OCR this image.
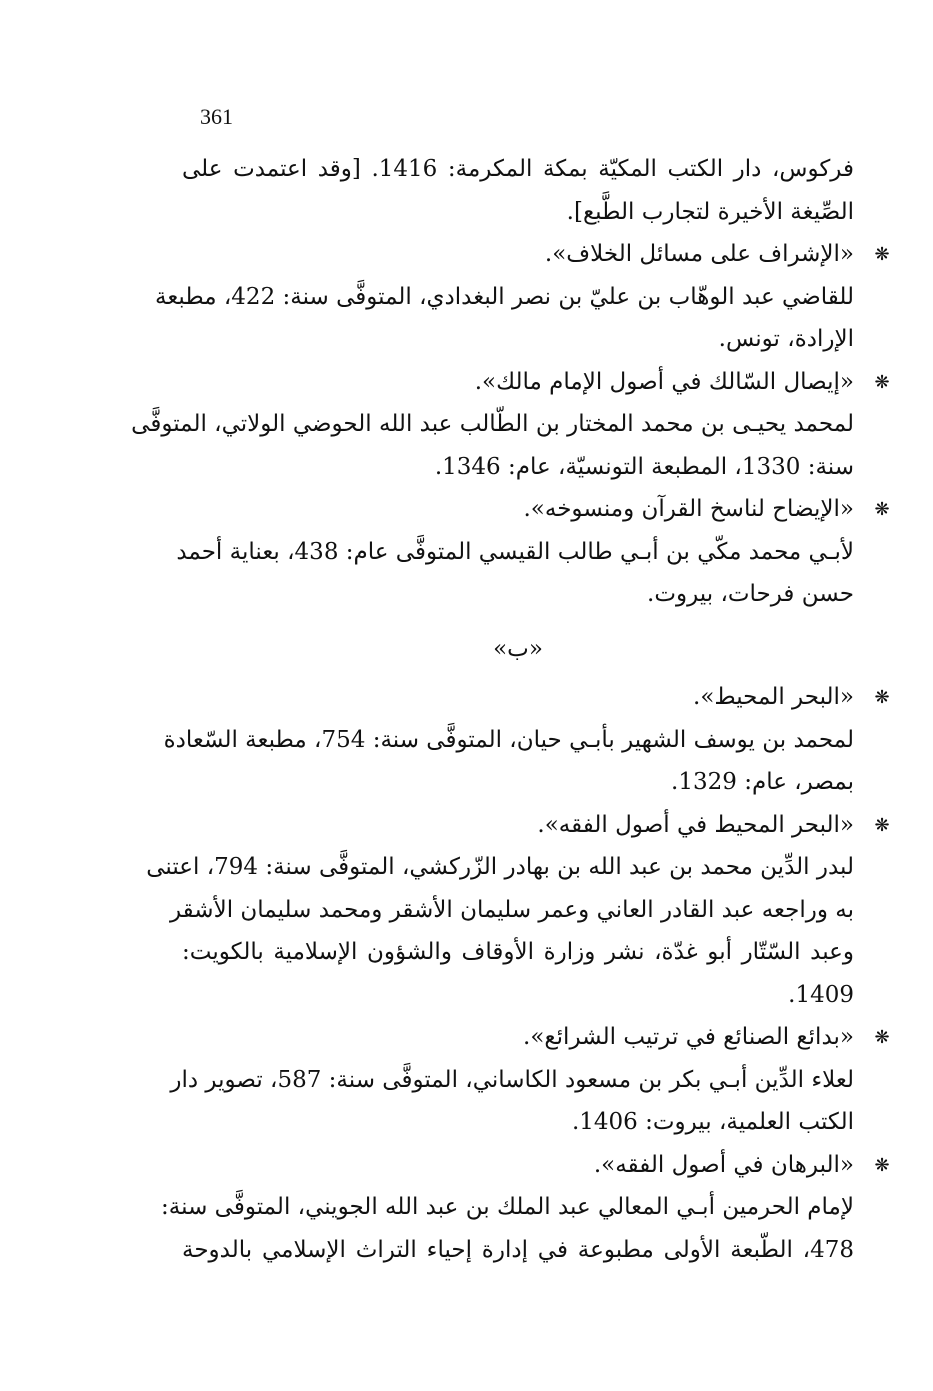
361
فركوس، دار الكتب المكيّة بمكة المكرمة: 1416. [وقد اعتمدت على
الصِّيغة الأخيرة لتجارب الطَّبع].
«الإشراف على مسائل الخلاف». ❋
للقاضي عبد الوهّاب بن عليّ بن نصر البغدادي، المتوفَّى سنة: 422، مطبعة
الإرادة، تونس.
«إيصال السّالك في أصول الإمام مالك». ❋
لمحمد يحيـى بن محمد المختار بن الطّالب عبد الله الحوضي الولاتي، المتوفَّى
سنة: 1330، المطبعة التونسيّة، عام: 1346.
«الإيضاح لناسخ القرآن ومنسوخه». ❋
لأبـي محمد مكّي بن أبـي طالب القيسي المتوفَّى عام: 438، بعناية أحمد
حسن فرحات، بيروت.
«ب»
«البحر المحيط». ❋
لمحمد بن يوسف الشهير بأبـي حيان، المتوفَّى سنة: 754، مطبعة السّعادة
بمصر، عام: 1329.
«البحر المحيط في أصول الفقه». ❋
لبدر الدِّين محمد بن عبد الله بن بهادر الزّركشي، المتوفَّى سنة: 794، اعتنى
به وراجعه عبد القادر العاني وعمر سليمان الأشقر ومحمد سليمان الأشقر
وعبد السّتّار أبو غدّة، نشر وزارة الأوقاف والشؤون الإسلامية بالكويت:
1409.
«بدائع الصنائع في ترتيب الشرائع». ❋
لعلاء الدِّين أبـي بكر بن مسعود الكاساني، المتوفَّى سنة: 587، تصوير دار
الكتب العلمية، بيروت: 1406.
«البرهان في أصول الفقه». ❋
لإمام الحرمين أبـي المعالي عبد الملك بن عبد الله الجويني، المتوفَّى سنة:
478، الطّبعة الأولى مطبوعة في إدارة إحياء التراث الإسلامي بالدوحة
